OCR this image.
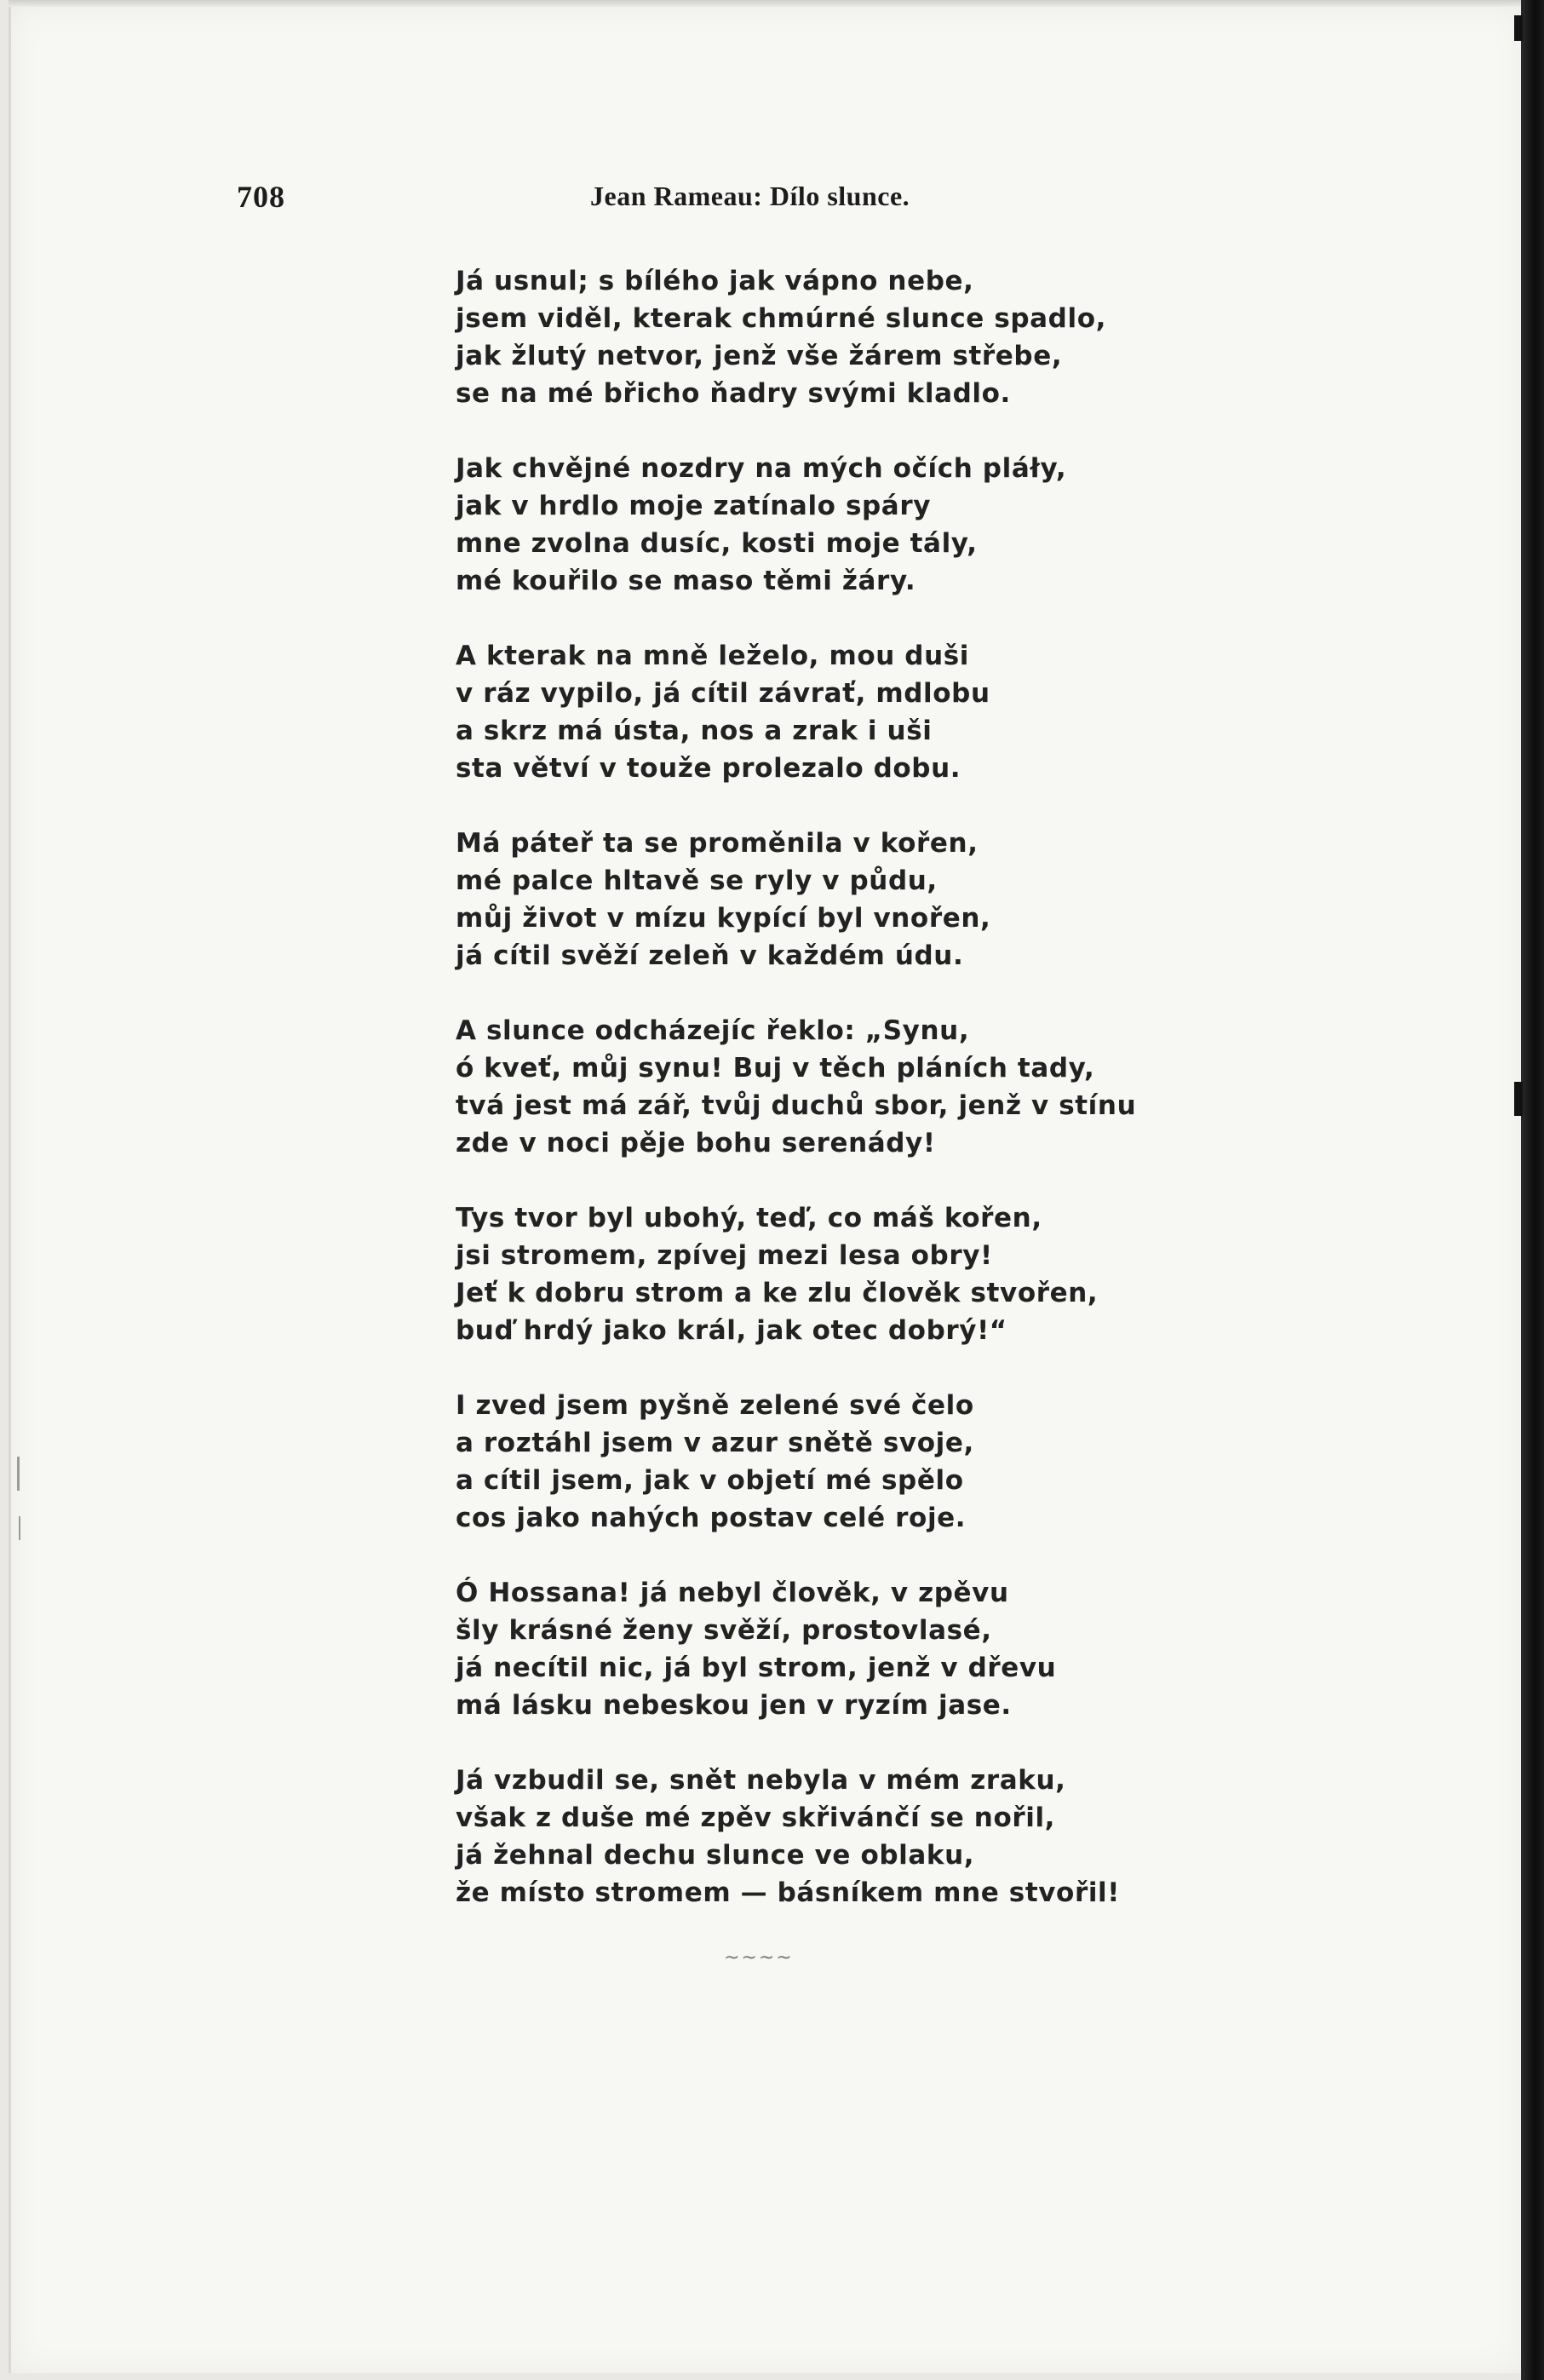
708	Jean Rameau: Dílo slunce.
Já usnul; s bílého jak vápno nebe,
jsem viděl, kterak chmúrné slunce spadlo,
jak žlutý netvor, jenž vše žárem střebe,
se na mé břicho ňadry svými kladlo.
Jak chvějné nozdry na mých očích pláły,
jak v hrdlo moje zatínalo spáry
mne zvolna dusíc, kosti moje tály,
mé kouřilo se maso těmi žáry.
A kterak na mně leželo, mou duši
v ráz vypilo, já cítil závrať, mdlobu
a skrz má ústa, nos a zrak i uši
sta větví v touže prolezalo dobu.
Má páteř ta se proměnila v kořen,
mé palce hltavě se ryly v půdu,
můj život v mízu kypící byl vnořen,
já cítil svěží zeleň v každém údu.
A slunce odcházejíc řeklo: „Synu,
ó kveť, můj synu! Buj v těch pláních tady,
tvá jest má zář, tvůj duchů sbor, jenž v stínu
zde v noci pěje bohu serenády!
Tys tvor byl ubohý, teď, co máš kořen,
jsi stromem, zpívej mezi lesa obry!
Jeť k dobru strom a ke zlu člověk stvořen,
buď hrdý jako král, jak otec dobrý!“
I zved jsem pyšně zelené své čelo
a roztáhl jsem v azur snětě svoje,
a cítil jsem, jak v objetí mé spělo
cos jako nahých postav celé roje.
Ó Hossana! já nebyl člověk, v zpěvu
šly krásné ženy svěží, prostovlasé,
já necítil nic, já byl strom, jenž v dřevu
má lásku nebeskou jen v ryzím jase.
Já vzbudil se, snět nebyla v mém zraku,
však z duše mé zpěv skřivánčí se nořil,
já žehnal dechu slunce ve oblaku,
že místo stromem — básníkem mne stvořil!
~~~~
